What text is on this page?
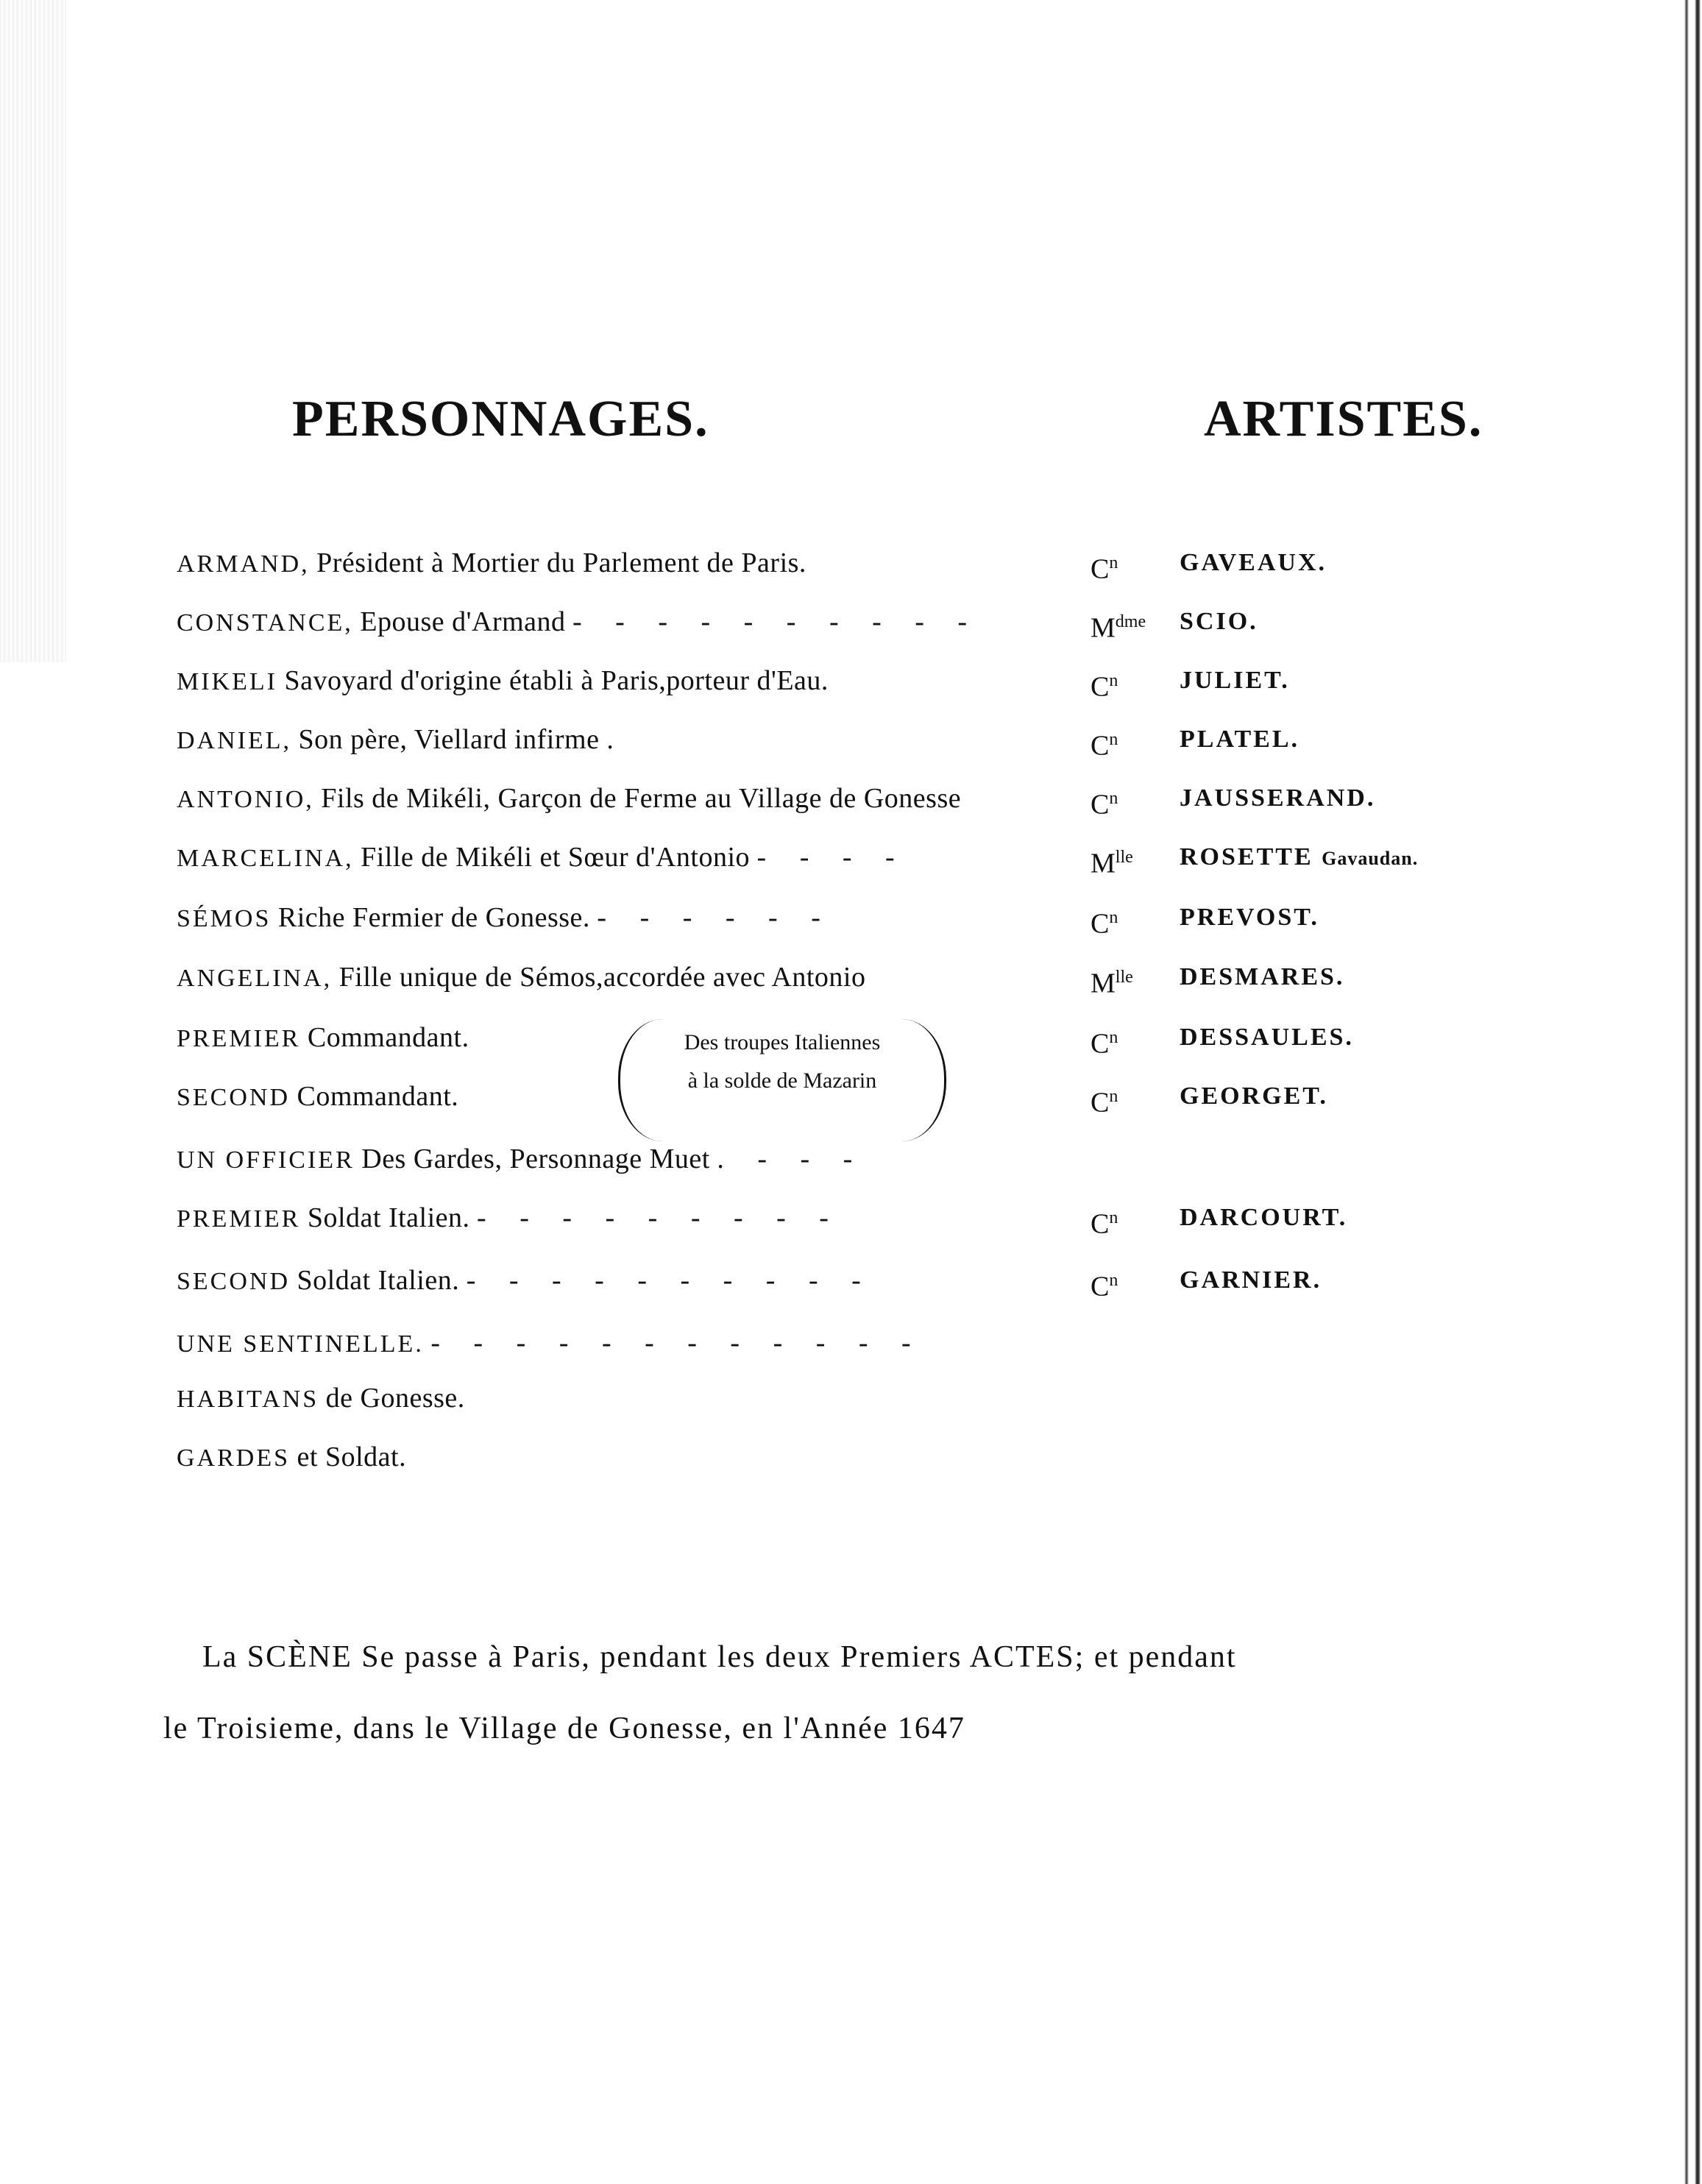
PERSONNAGES.	ARTISTES.
ARMAND, Président à Mortier du Parlement de Paris.	$C^n$ GAVEAUX.
CONSTANCE, Epouse d'Armand - - - - - - - - - -	$M^{dme}$ SCIO.
MIKELI Savoyard d'origine établi à Paris,porteur d'Eau.	$C^n$ JULIET.
DANIEL, Son père, Viellard infirme .	$C^n$ PLATEL.
ANTONIO, Fils de Mikéli, Garçon de Ferme au Village de Gonesse	$C^n$ JAUSSERAND.
MARCELINA, Fille de Mikéli et Sœur d'Antonio - - - -	$M^{lle}$ ROSETTE Gavaudan.
SÉMOS Riche Fermier de Gonesse. - - - - - -	$C^n$ PREVOST.
ANGELINA, Fille unique de Sémos,accordée avec Antonio	$M^{lle}$ DESMARES.
PREMIER Commandant.	$C^n$ DESSAULES.
SECOND Commandant.	$C^n$ GEORGET.
UN OFFICIER Des Gardes, Personnage Muet . - - -
PREMIER Soldat Italien. - - - - - - - - -	$C^n$ DARCOURT.
SECOND Soldat Italien. - - - - - - - - - -	$C^n$ GARNIER.
UNE SENTINELLE. - - - - - - - - - - - -
HABITANS de Gonesse.
GARDES et Soldat.
Des troupes Italiennes
à la solde de Mazarin
La SCÈNE Se passe à Paris, pendant les deux Premiers ACTES; et pendant
le Troisieme, dans le Village de Gonesse, en l'Année 1647
